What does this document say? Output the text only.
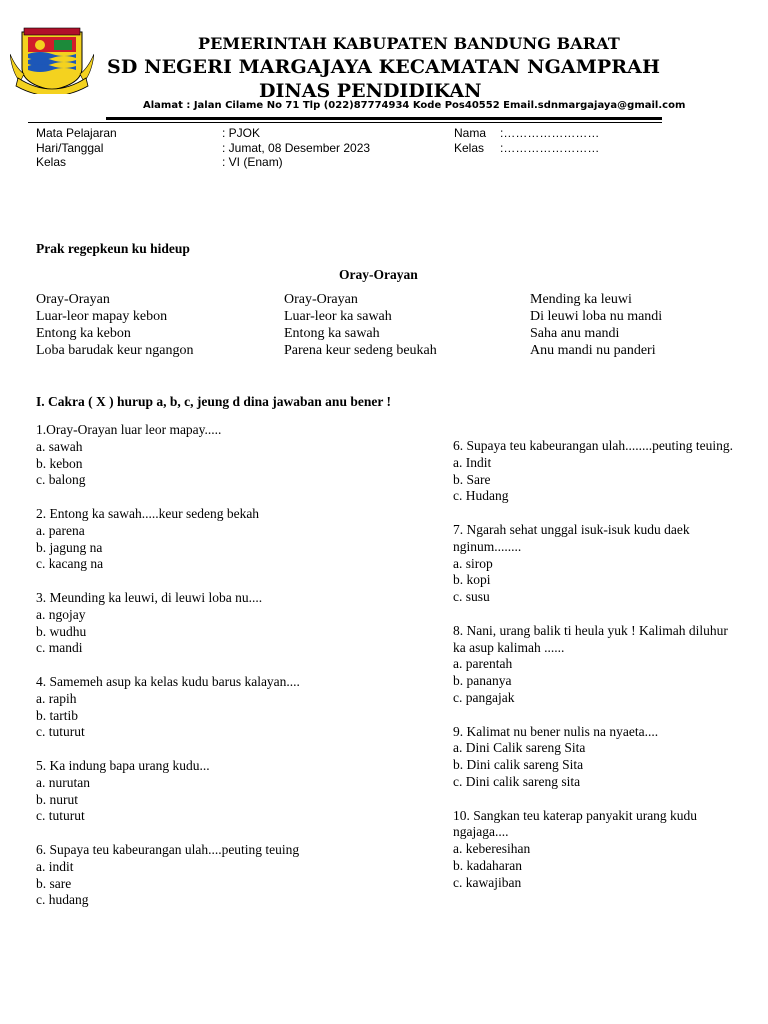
PEMERINTAH KABUPATEN BANDUNG BARAT
SD NEGERI MARGAJAYA KECAMATAN NGAMPRAH
DINAS PENDIDIKAN
Alamat : Jalan Cilame No 71 Tlp (022)87774934 Kode Pos40552 Email.sdnmargajaya@gmail.com
Mata Pelajaran
Hari/Tanggal
Kelas
: PJOK
: Jumat, 08 Desember 2023
: VI (Enam)
Nama
Kelas
:……………………
:……………………
Prak regepkeun ku hideup
Oray-Orayan
Oray-Orayan
Luar-leor mapay kebon
Entong ka kebon
Loba barudak keur ngangon
Oray-Orayan
Luar-leor ka sawah
Entong ka sawah
Parena keur sedeng beukah
Mending ka leuwi
Di leuwi loba nu mandi
Saha anu mandi
Anu mandi nu panderi
I. Cakra ( X ) hurup a, b, c, jeung d dina jawaban anu bener !
1.Oray-Orayan luar leor mapay.....
a. sawah
b. kebon
c. balong
2. Entong ka sawah.....keur sedeng bekah
a. parena
b. jagung na
c. kacang na
3. Meunding ka leuwi, di leuwi loba nu....
a. ngojay
b. wudhu
c. mandi
4. Samemeh asup ka kelas kudu barus kalayan....
a. rapih
b. tartib
c. tuturut
5. Ka indung bapa urang kudu...
a. nurutan
b. nurut
c. tuturut
6. Supaya teu kabeurangan ulah....peuting teuing
a. indit
b. sare
c. hudang
6. Supaya teu kabeurangan ulah........peuting teuing.
a. Indit
b. Sare
c. Hudang
7. Ngarah sehat unggal isuk-isuk kudu daek nginum........
a. sirop
b. kopi
c. susu
8. Nani, urang balik ti heula yuk ! Kalimah diluhur ka asup kalimah ......
a. parentah
b. pananya
c. pangajak
9. Kalimat nu bener nulis na nyaeta....
a. Dini Calik sareng Sita
b. Dini calik sareng Sita
c. Dini calik sareng sita
10. Sangkan teu katerap panyakit urang kudu ngajaga....
a. keberesihan
b. kadaharan
c. kawajiban
